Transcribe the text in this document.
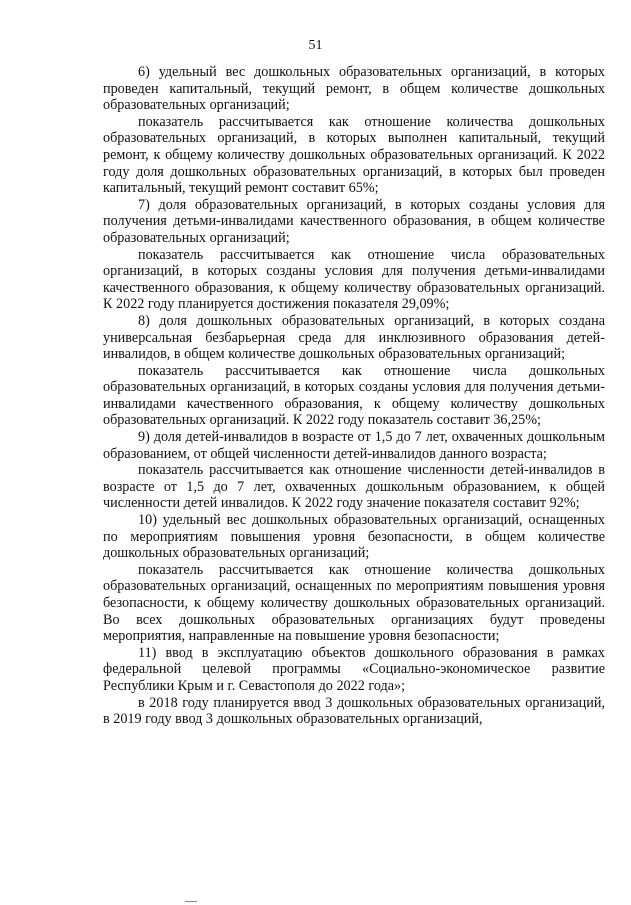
51

6) удельный вес дошкольных образовательных организаций, в которых проведен капитальный, текущий ремонт, в общем количестве дошкольных образовательных организаций;

показатель рассчитывается как отношение количества дошкольных образовательных организаций, в которых выполнен капитальный, текущий ремонт, к общему количеству дошкольных образовательных организаций. К 2022 году доля дошкольных образовательных организаций, в которых был проведен капитальный, текущий ремонт составит 65%;

7) доля образовательных организаций, в которых созданы условия для получения детьми-инвалидами качественного образования, в общем количестве образовательных организаций;

показатель рассчитывается как отношение числа образовательных организаций, в которых созданы условия для получения детьми-инвалидами качественного образования, к общему количеству образовательных организаций. К 2022 году планируется достижения показателя 29,09%;

8) доля дошкольных образовательных организаций, в которых создана универсальная безбарьерная среда для инклюзивного образования детей-инвалидов, в общем количестве дошкольных образовательных организаций;

показатель рассчитывается как отношение числа дошкольных образовательных организаций, в которых созданы условия для получения детьми-инвалидами качественного образования, к общему количеству дошкольных образовательных организаций. К 2022 году показатель составит 36,25%;

9) доля детей-инвалидов в возрасте от 1,5 до 7 лет, охваченных дошкольным образованием, от общей численности детей-инвалидов данного возраста;

показатель рассчитывается как отношение численности детей-инвалидов в возрасте от 1,5 до 7 лет, охваченных дошкольным образованием, к общей численности детей инвалидов. К 2022 году значение показателя составит 92%;

10) удельный вес дошкольных образовательных организаций, оснащенных по мероприятиям повышения уровня безопасности, в общем количестве дошкольных образовательных организаций;

показатель рассчитывается как отношение количества дошкольных образовательных организаций, оснащенных по мероприятиям повышения уровня безопасности, к общему количеству дошкольных образовательных организаций. Во всех дошкольных образовательных организациях будут проведены мероприятия, направленные на повышение уровня безопасности;

11) ввод в эксплуатацию объектов дошкольного образования в рамках федеральной целевой программы «Социально-экономическое развитие Республики Крым и г. Севастополя до 2022 года»;

в 2018 году планируется ввод 3 дошкольных образовательных организаций, в 2019 году ввод 3 дошкольных образовательных организаций,
